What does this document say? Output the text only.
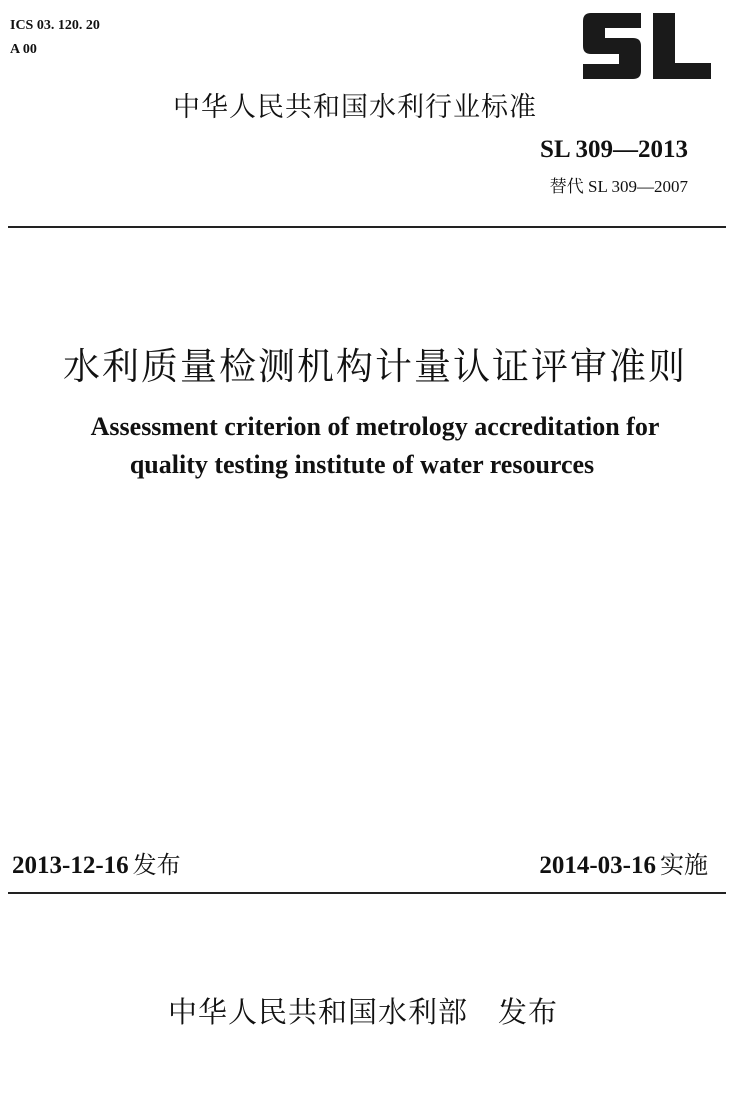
ICS 03. 120. 20
A 00
中华人民共和国水利行业标准
SL 309—2013
替代 SL 309—2007
水利质量检测机构计量认证评审准则
Assessment criterion of metrology accreditation for
quality testing institute of water resources
2013-12-16 发布	2014-03-16 实施
中华人民共和国水利部 发布
